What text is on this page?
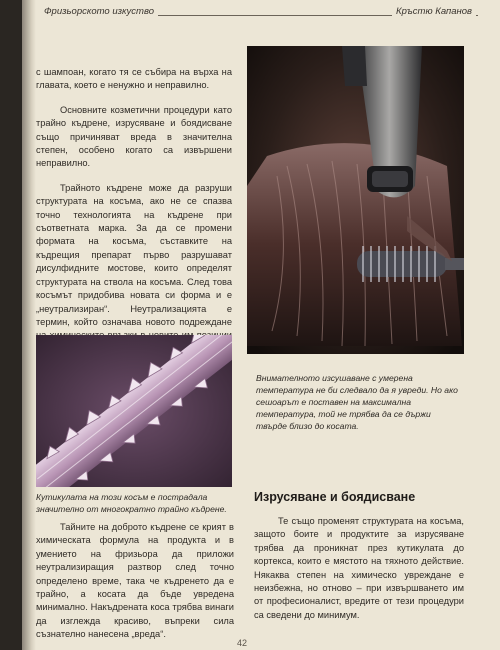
Фризьорското изкуство	Кръстю Капанов

с шампоан, когато тя се събира на върха на главата, което е ненужно и неправилно.

Основните козметични процедури като трайно къдрене, изрусяване и боядисване също причиняват вреда в значителна степен, особено когато са извършени неправилно.

Трайното къдрене може да разруши структурата на косъма, ако не се спазва точно технологията на къдрене при съответната марка. За да се промени формата на косъма, съставките на къдрещия препарат първо разрушават дисулфидните мостове, които определят структурата на ствола на косъма. След това косъмът придобива новата си форма и е „неутрализиран“. Неутрализацията е термин, който означава новото подреждане

Кутикулата на този косъм е пострадала значително от многократно трайно къдрене.
Внимателното изсушаване с умерена температура не би следвало да я увреди. Но ако сешоарът е поставен на максимална температура, той не трябва да се държи твърде близо до косата.

Тайните на доброто къдрене се крият в химическата формула на продукта и в умението на фризьора да приложи неутрализиращия разтвор след точно определено време, така че къдренето да е трайно, а косата да бъде увредена минимално. Накъдрената коса трябва винаги да изглежда красиво, въпреки сила съзнателно нанесена „вреда“.

Изрусяване и боядисване

Те също променят структурата на косъма, защото боите и продуктите за изрусяване трябва да проникнат през кутикулата до кортекса, които е мястото на тяхното действие. Някаква степен на химическо увреждане е неизбежна, но отново – при извършването им от професионалист, вредите от тези процедури са сведени до минимум.

42
